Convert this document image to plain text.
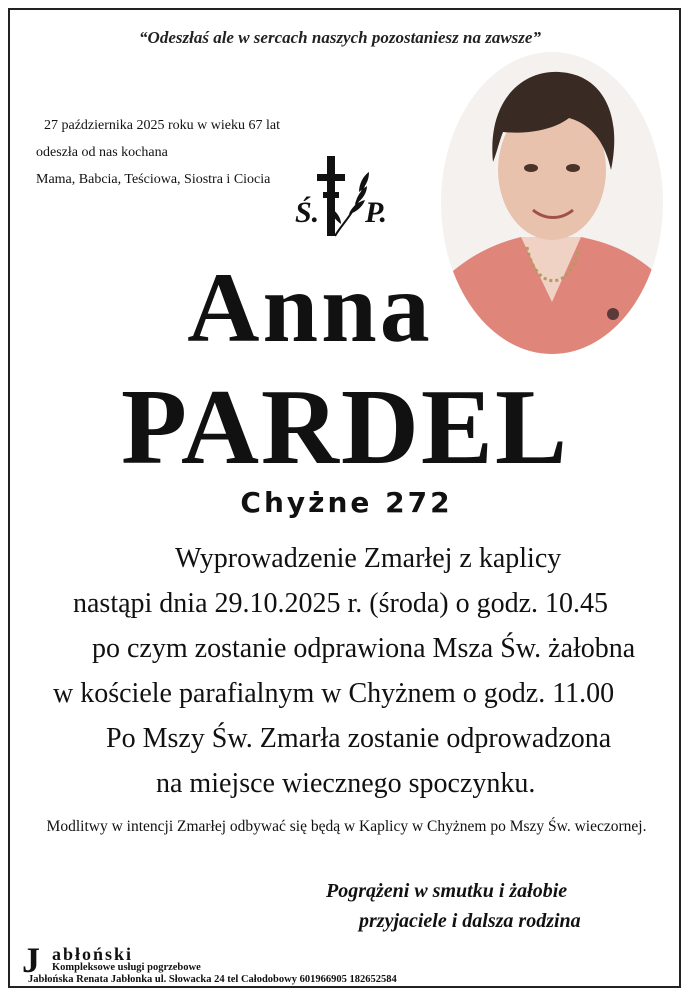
“Odeszłaś ale w sercach naszych pozostaniesz na zawsze”
27 października 2025 roku w wieku 67 lat
odeszła od nas kochana
Mama, Babcia, Teściowa, Siostra i Ciocia
Ś. P.
Anna
PARDEL
Chyżne 272
Wyprowadzenie Zmarłej z kaplicy
nastąpi dnia 29.10.2025 r. (środa) o godz. 10.45
po czym zostanie odprawiona Msza Św. żałobna
w kościele parafialnym w Chyżnem o godz. 11.00
Po Mszy Św. Zmarła zostanie odprowadzona
na miejsce wiecznego spoczynku.
Modlitwy w intencji Zmarłej odbywać się będą w Kaplicy w Chyżnem po Mszy Św. wieczornej.
Pogrążeni w smutku i żałobie
przyjaciele i dalsza rodzina
J abłoński
Kompleksowe usługi pogrzebowe
Jabłońska Renata Jabłonka ul. Słowacka 24 tel Całodobowy 601966905 182652584
